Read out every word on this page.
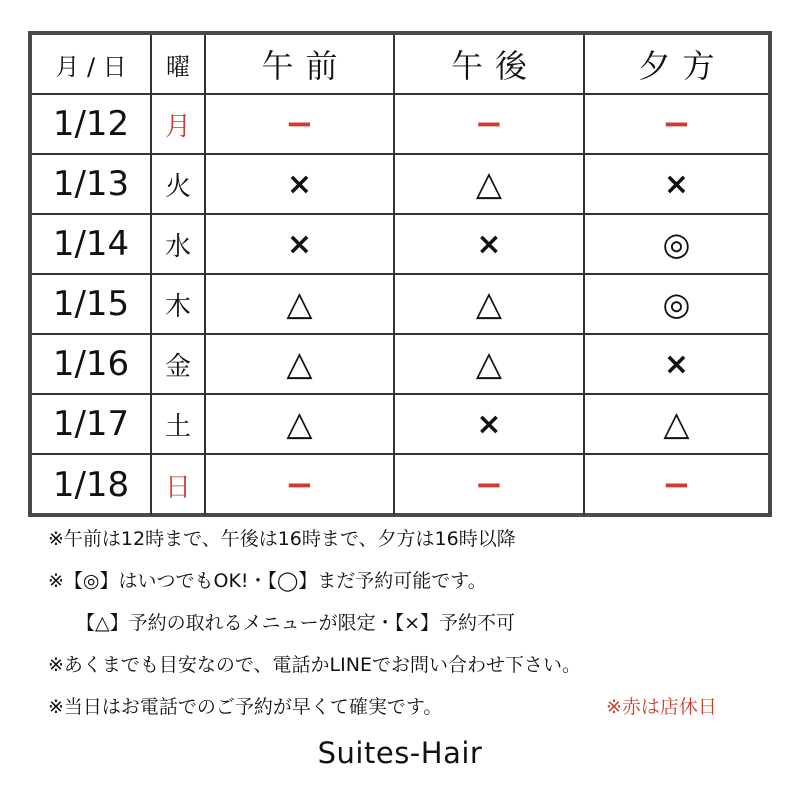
月 / 日	曜	午前	午後	夕方
1/12	月	−	−	−
1/13	火	×	△	×
1/14	水	×	×	◎
1/15	木	△	△	◎
1/16	金	△	△	×
1/17	土	△	×	△
1/18	日	−	−	−
※午前は12時まで、午後は16時まで、夕方は16時以降
※【◎】はいつでもOK!・【◯】まだ予約可能です。
【△】予約の取れるメニューが限定・【×】予約不可
※あくまでも目安なので、電話かLINEでお問い合わせ下さい。
※当日はお電話でのご予約が早くて確実です。	※赤は店休日
Suites-Hair
